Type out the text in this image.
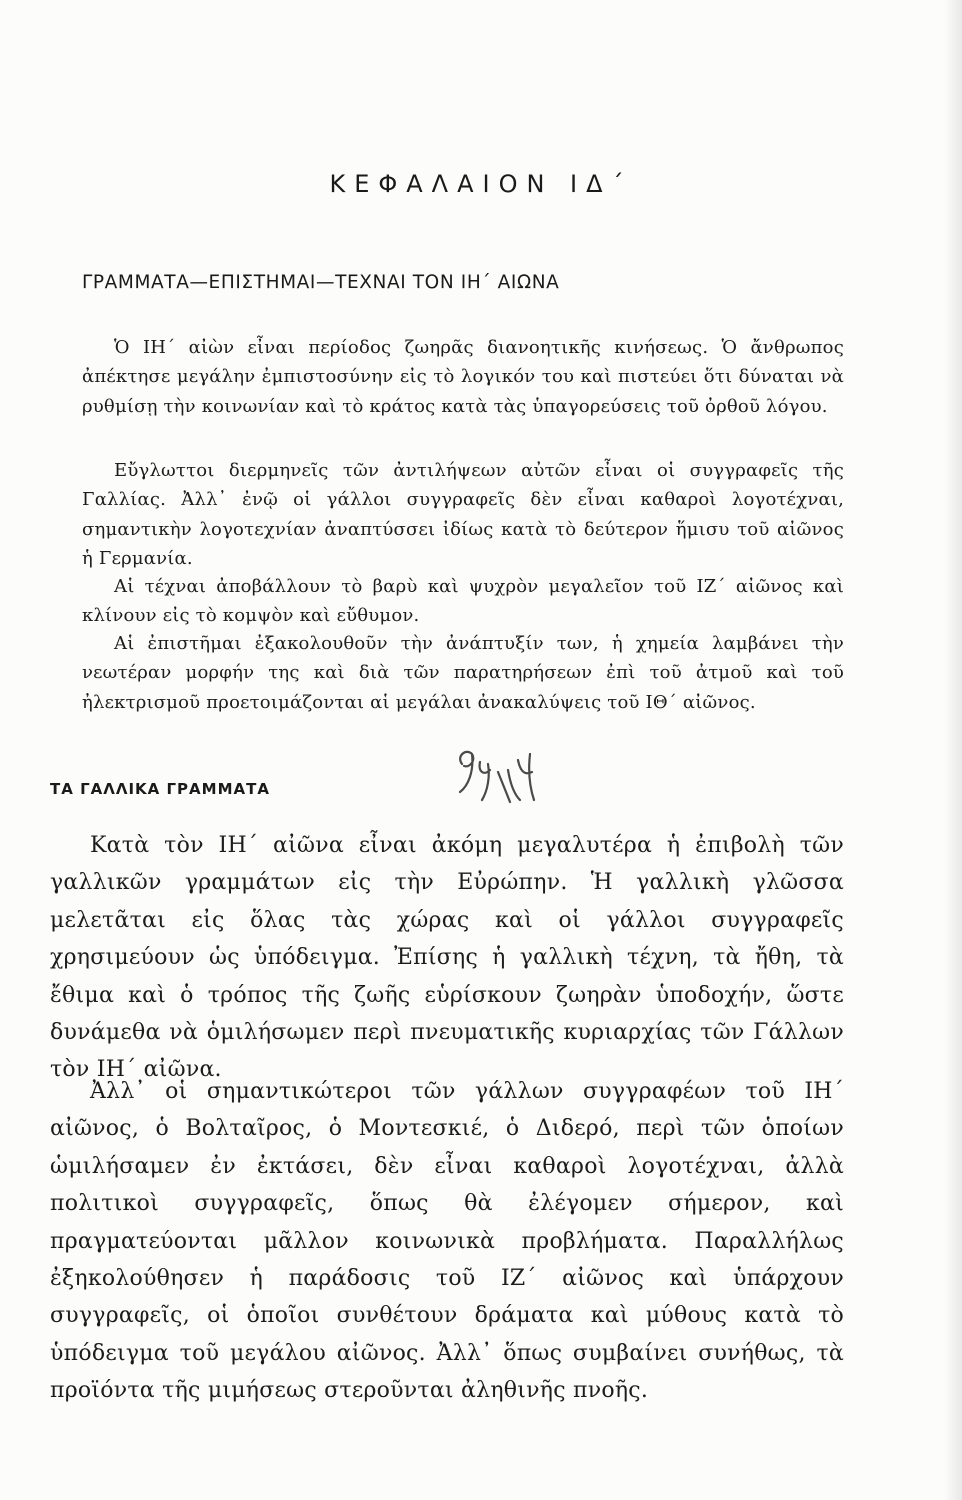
ΚΕΦΑΛΑΙΟΝ ΙΔ΄
ΓΡΑΜΜΑΤΑ—ΕΠΙΣΤΗΜΑΙ—ΤΕΧΝΑΙ ΤΟΝ ΙΗ΄ ΑΙΩΝΑ

Ὁ ΙΗ΄ αἰὼν εἶναι περίοδος ζωηρᾶς διανοητικῆς κινήσεως. Ὁ ἄνθρωπος ἀπέκτησε μεγάλην ἐμπιστοσύνην εἰς τὸ λογικόν του καὶ πιστεύει ὅτι δύναται νὰ ρυθμίσῃ τὴν κοινωνίαν καὶ τὸ κράτος κατὰ τὰς ὑπαγορεύσεις τοῦ ὀρθοῦ λόγου.

Εὔγλωττοι διερμηνεῖς τῶν ἀντιλήψεων αὐτῶν εἶναι οἱ συγγραφεῖς τῆς Γαλλίας. Ἀλλ᾽ ἐνῷ οἱ γάλλοι συγγραφεῖς δὲν εἶναι καθαροὶ λογοτέχναι, σημαντικὴν λογοτεχνίαν ἀναπτύσσει ἰδίως κατὰ τὸ δεύτερον ἥμισυ τοῦ αἰῶνος ἡ Γερμανία.

Αἱ τέχναι ἀποβάλλουν τὸ βαρὺ καὶ ψυχρὸν μεγαλεῖον τοῦ ΙΖ΄ αἰῶνος καὶ κλίνουν εἰς τὸ κομψὸν καὶ εὔθυμον.

Αἱ ἐπιστῆμαι ἐξακολουθοῦν τὴν ἀνάπτυξίν των, ἡ χημεία λαμβάνει τὴν νεωτέραν μορφήν της καὶ διὰ τῶν παρατηρήσεων ἐπὶ τοῦ ἀτμοῦ καὶ τοῦ ἠλεκτρισμοῦ προετοιμάζονται αἱ μεγάλαι ἀνακαλύψεις τοῦ ΙΘ΄ αἰῶνος.

ΤΑ ΓΑΛΛΙΚΑ ΓΡΑΜΜΑΤΑ

Κατὰ τὸν ΙΗ΄ αἰῶνα εἶναι ἀκόμη μεγαλυτέρα ἡ ἐπιβολὴ τῶν γαλλικῶν γραμμάτων εἰς τὴν Εὐρώπην. Ἡ γαλλικὴ γλῶσσα μελετᾶται εἰς ὅλας τὰς χώρας καὶ οἱ γάλλοι συγγραφεῖς χρησιμεύουν ὡς ὑπόδειγμα. Ἐπίσης ἡ γαλλικὴ τέχνη, τὰ ἤθη, τὰ ἔθιμα καὶ ὁ τρόπος τῆς ζωῆς εὑρίσκουν ζωηρὰν ὑποδοχήν, ὥστε δυνάμεθα νὰ ὁμιλήσωμεν περὶ πνευματικῆς κυριαρχίας τῶν Γάλλων τὸν ΙΗ΄ αἰῶνα.

Ἀλλ᾽ οἱ σημαντικώτεροι τῶν γάλλων συγγραφέων τοῦ ΙΗ΄ αἰῶνος, ὁ Βολταῖρος, ὁ Μοντεσκιέ, ὁ Διδερό, περὶ τῶν ὁποίων ὡμιλήσαμεν ἐν ἐκτάσει, δὲν εἶναι καθαροὶ λογοτέχναι, ἀλλὰ πολιτικοὶ συγγραφεῖς, ὅπως θὰ ἐλέγομεν σήμερον, καὶ πραγματεύονται μᾶλλον κοινωνικὰ προβλήματα. Παραλλήλως ἐξηκολούθησεν ἡ παράδοσις τοῦ ΙΖ΄ αἰῶνος καὶ ὑπάρχουν συγγραφεῖς, οἱ ὁποῖοι συνθέτουν δράματα καὶ μύθους κατὰ τὸ ὑπόδειγμα τοῦ μεγάλου αἰῶνος. Ἀλλ᾽ ὅπως συμβαίνει συνήθως, τὰ προϊόντα τῆς μιμήσεως στεροῦνται ἀληθινῆς πνοῆς.
